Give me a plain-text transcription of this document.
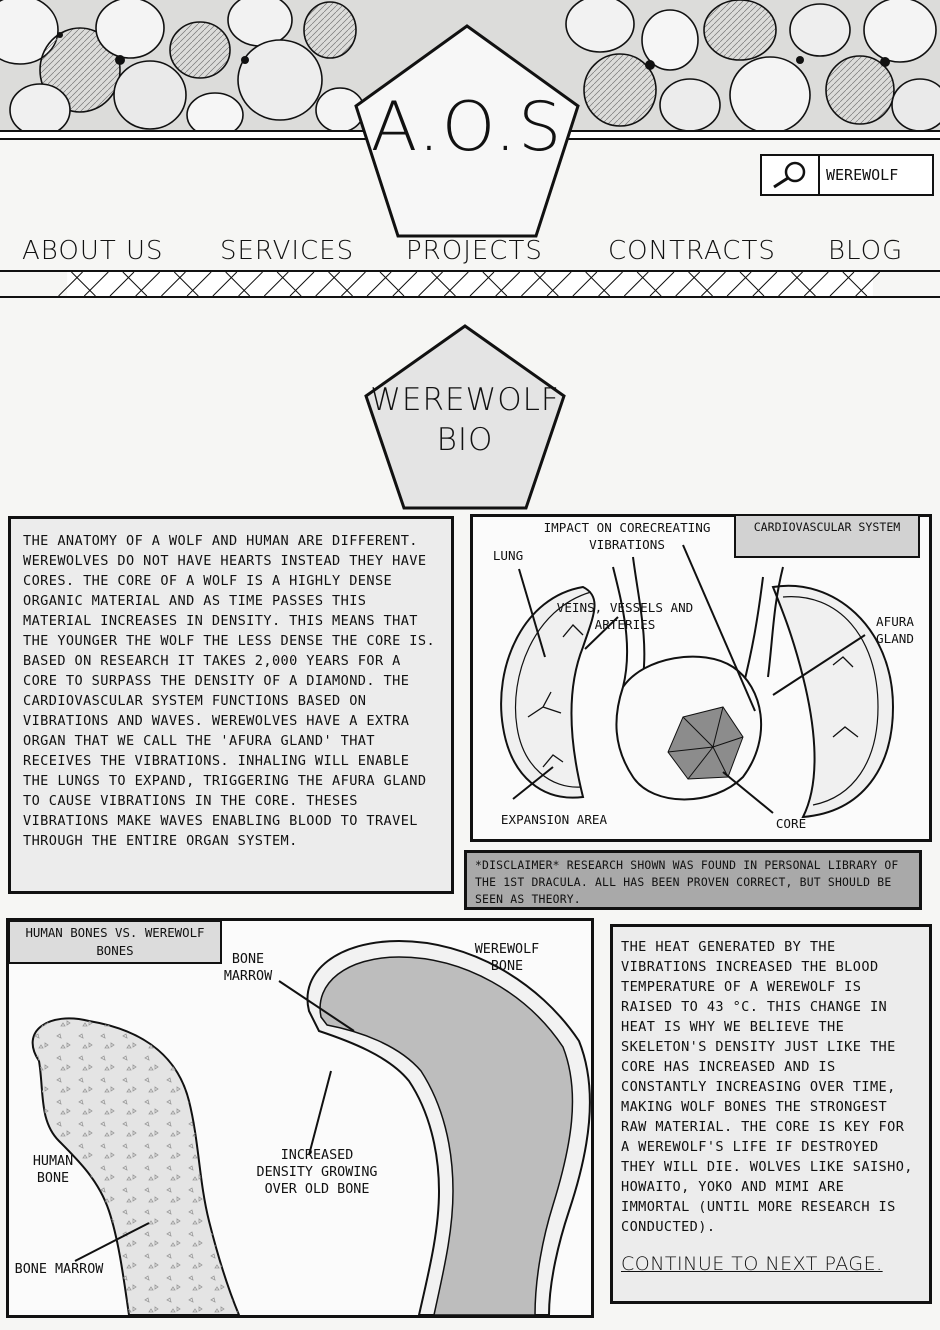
A.O.S
WEREWOLF
ABOUT US SERVICES PROJECTS	CONTRACTS BLOG
WEREWOLF
BIO
THE ANATOMY OF A WOLF AND HUMAN ARE DIFFERENT. WEREWOLVES DO NOT HAVE HEARTS INSTEAD THEY HAVE CORES. THE CORE OF A WOLF IS A HIGHLY DENSE ORGANIC MATERIAL AND AS TIME PASSES THIS MATERIAL INCREASES IN DENSITY. THIS MEANS THAT THE YOUNGER THE WOLF THE LESS DENSE THE CORE IS. BASED ON RESEARCH IT TAKES 2,000 YEARS FOR A CORE TO SURPASS THE DENSITY OF A DIAMOND. THE CARDIOVASCULAR SYSTEM FUNCTIONS BASED ON VIBRATIONS AND WAVES. WEREWOLVES HAVE A EXTRA ORGAN THAT WE CALL THE 'AFURA GLAND' THAT RECEIVES THE VIBRATIONS. INHALING WILL ENABLE THE LUNGS TO EXPAND, TRIGGERING THE AFURA GLAND TO CAUSE VIBRATIONS IN THE CORE. THESES VIBRATIONS MAKE WAVES ENABLING BLOOD TO TRAVEL THROUGH THE ENTIRE ORGAN SYSTEM.
IMPACT ON CORECREATING VIBRATIONS
LUNG
VEINS, VESSELS AND ARTERIES	AFURA GLAND
EXPANSION AREA	CORE
CARDIOVASCULAR SYSTEM
*DISCLAIMER* RESEARCH SHOWN WAS FOUND IN PERSONAL LIBRARY OF THE 1ST DRACULA. ALL HAS BEEN PROVEN CORRECT, BUT SHOULD BE SEEN AS THEORY.
BONE MARROW
WEREWOLF BONE
HUMAN BONE
INCREASED DENSITY GROWING OVER OLD BONE
BONE MARROW
HUMAN BONES VS. WEREWOLF BONES	THE HEAT GENERATED BY THE VIBRATIONS INCREASED THE BLOOD TEMPERATURE OF A WEREWOLF IS RAISED TO 43 °C. THIS CHANGE IN HEAT IS WHY WE BELIEVE THE SKELETON'S DENSITY JUST LIKE THE CORE HAS INCREASED AND IS CONSTANTLY INCREASING OVER TIME, MAKING WOLF BONES THE STRONGEST RAW MATERIAL. THE CORE IS KEY FOR A WEREWOLF'S LIFE IF DESTROYED THEY WILL DIE. WOLVES LIKE SAISHO, HOWAITO, YOKO AND MIMI ARE IMMORTAL (UNTIL MORE RESEARCH IS CONDUCTED).
CONTINUE TO NEXT PAGE.
